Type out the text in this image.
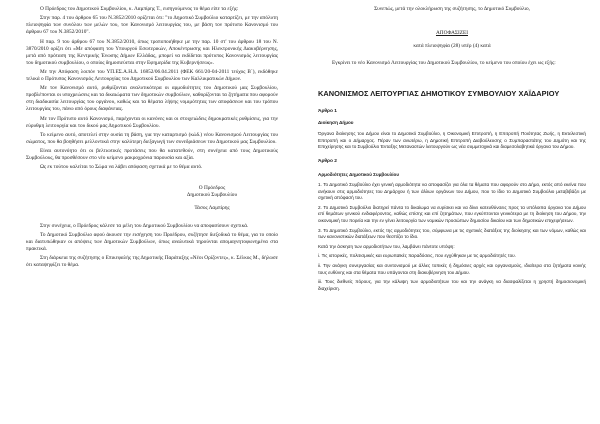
Ο Πρόεδρος του Δημοτικού Συμβουλίου, κ. Λαμπίρης Τ., εισηγούμενος το θέμα είπε τα εξής:

Στην παρ. 4 του άρθρου 65 του Ν.3852/2010 ορίζεται ότι: "το Δημοτικό Συμβούλιο καταρτίζει, με την απόλυτη πλειοψηφία των συνόλου των μελών του, τον Κανονισμό λειτουργίας του, με βάση τον πρότυπο Κανονισμό του άρθρου 67 του Ν.3852/2010".

Η παρ. 9 του άρθρου 67 του Ν.3852/2010, όπως τροποποιήθηκε με την παρ. 10 στ' του άρθρου 18 του Ν. 3870/2010 ορίζει ότι «Με απόφαση του Υπουργού Εσωτερικών, Αποκέντρωσης και Ηλεκτρονικής Διακυβέρνησης, μετά από πρόταση της Κεντρικής Ένωσης Δήμων Ελλάδας, μπορεί να εκδίδεται πρότυπος Κανονισμός λειτουργίας του δημοτικού συμβουλίου, ο οποίος δημοσιεύεται στην Εφημερίδα της Κυβερνήσεως».

Με την Απόφαση λοιπόν του ΥΠ.ΕΣ.Α.Η.Δ. 16852/06.04.2011 (ΦΕΚ 661/20-04-2011 τεύχος Β΄), εκδόθηκε τελικά ο Πρότυπος Κανονισμός Λειτουργίας του Δημοτικού Συμβουλίου των Καλλικρατικών Δήμων.

Με τον Κανονισμό αυτό, ρυθμίζονται αναλυτικότερα οι αρμοδιότητες του Δημοτικού μας Συμβουλίου, προβλέπονται οι υποχρεώσεις και τα δικαιώματα των δημοτικών συμβούλων, καθορίζονται τα ζητήματα που αφορούν στη διαδικασία λειτουργίας του οργάνου, καθώς και τα θέματα λήψης νομιμότητας των αποφάσεων και του τρόπου λειτουργίας του, πάνω από όρους διαφάνειας.

Με τον Πρότυπο αυτό Κανονισμό, παρέχονται οι κανόνες και οι στοιχειώδεις δημοκρατικές ρυθμίσεις, για την εύρυθμη λειτουργία και του δικού μας Δημοτικού Συμβουλίου.

Το κείμενο αυτό, αποτελεί στην ουσία τη βάση, για την καταρτισμό (κώδ.) νέου Κανονισμού Λειτουργίας του σώματος, που θα βοηθήσει μελλοντικά στην καλύτερη διεξαγωγή των συνεδριάσεων του Δημοτικού μας Συμβουλίου.

Είναι αυτονόητο ότι οι βελτιωτικές προτάσεις που θα κατατεθούν, στη συνέχεια από τους Δημοτικούς Συμβούλους, θα προσθέσουν στο νέο κείμενο μακροχρόνια παρουσία και αξία.

Ως εκ τούτου καλείται το Σώμα να λάβει απόφαση σχετικά με το θέμα αυτό.

Ο Πρόεδρος

Δημοτικού Συμβουλίου

Τάσος Λαμπίρης

Στην συνέχεια, ο Πρόεδρος κάλεσε τα μέλη του Δημοτικού Συμβουλίου να αποφασίσουν σχετικά.

Το Δημοτικό Συμβούλιο αφού άκουσε την εισήγηση του Προέδρου, συζήτησε διεξοδικά το θέμα, για το οποίο και διατυπώθηκαν οι απόψεις των Δημοτικών Συμβούλων, όπως αναλυτικά τηρούνται απομαγνητοφωνημένα στα πρακτικά.

Στη διάρκεια της συζήτησης ο Επικεφαλής της Δημοτικής Παράταξης «Νέοι Ορίζοντες», κ. Σέλκος Μ., δήλωσε ότι καταψηφίζει το θέμα.

Συνεπώς, μετά την ολοκλήρωση της συζήτησης, το Δημοτικό Συμβούλιο,

ΑΠΟΦΑΣΙΖΕΙ

κατά πλειοψηφία (28) υπέρ (4) κατά

Εγκρίνει το νέο Κανονισμό Λειτουργίας του Δημοτικού Συμβουλίου, το κείμενο του οποίου έχει ως εξής:

ΚΑΝΟΝΙΣΜΟΣ ΛΕΙΤΟΥΡΓΙΑΣ ΔΗΜΟΤΙΚΟΥ ΣΥΜΒΟΥΛΙΟΥ ΧΑΪΔΑΡΙΟΥ

Άρθρο 1

Διοίκηση Δήμου

Όργανα διοίκησης του Δήμου είναι το Δημοτικό Συμβούλιο, η Οικονομική Επιτροπή, η Επιτροπή Ποιότητας Ζωής, η Εκτελεστική Επιτροπή και ο Δήμαρχος. Πέραν των ανωτέρω, η Δημοτική Επιτροπή Διαβούλευσης ο Συμπαραστάτης του Δημότη και της Επιχείρησης και το Συμβούλιο Ένταξης Μεταναστών λειτουργούν ως νέα συμμετοχικά και διαμεσολαβητικά όργανα του Δήμου.

Άρθρο 2

Αρμοδιότητες Δημοτικού Συμβουλίου

1. Το Δημοτικό Συμβούλιο έχει γενική αρμοδιότητα να αποφασίζει για όλα τα θέματα που αφορούν στο Δήμο, εκτός από εκείνα που ανήκουν στις αρμοδιότητες του Δημάρχου ή των άλλων οργάνων του Δήμου, που το ίδιο το Δημοτικό Συμβούλιο μεταβιβάζει με σχετική απόφασή του.

2. Το Δημοτικό Συμβούλιο διατηρεί πάντα το δικαίωμα να ευρίσκει και να δίνει κατευθύνσεις προς τα υπόλοιπα όργανα του Δήμου επί θεμάτων γενικού ενδιαφέροντος, καθώς επίσης και επί ζητημάτων, που εγκύπτονται γενικότερα με τη διοίκηση του Δήμου, την οικονομική του πορεία και την εν γένει λειτουργία των νομικών προσώπων δημοσίου δικαίου και των δημοτικών επιχειρήσεων.

3. Το Δημοτικό Συμβούλιο, εκτός της αρμοδιότητες του, σύμφωνα με τις σχετικές διατάξεις της διοίκησης και των νόμων, καθώς και των κανονιστικών διατάξεων που θεσπίζει το ίδιο.

Κατά την άσκηση των αρμοδιοτήτων του, λαμβάνει πάντοτε υπόψη:

i. Τις ιστορικές, πολιτισμικές και ευρωπαϊκές παραδόσεις, που εγχύθηκαν με τις αρμοδιότητές του.

ii. Την ανάγκη συνεργασίας και συντονισμού με άλλες τοπικές ή δημόσιες αρχές και οργανισμούς, ιδιαίτερα στα ζητήματα κοινής τους ευθύνης και στα θέματα που υπάγονται στη διακυβέρνηση του Δήμου.

iii. Τους διεθνείς πόρους, για την κάλυψη των αρμοδιοτήτων του και την ανάγκη να διασφαλίζεται η χρηστή δημοσιονομική διαχείριση.
